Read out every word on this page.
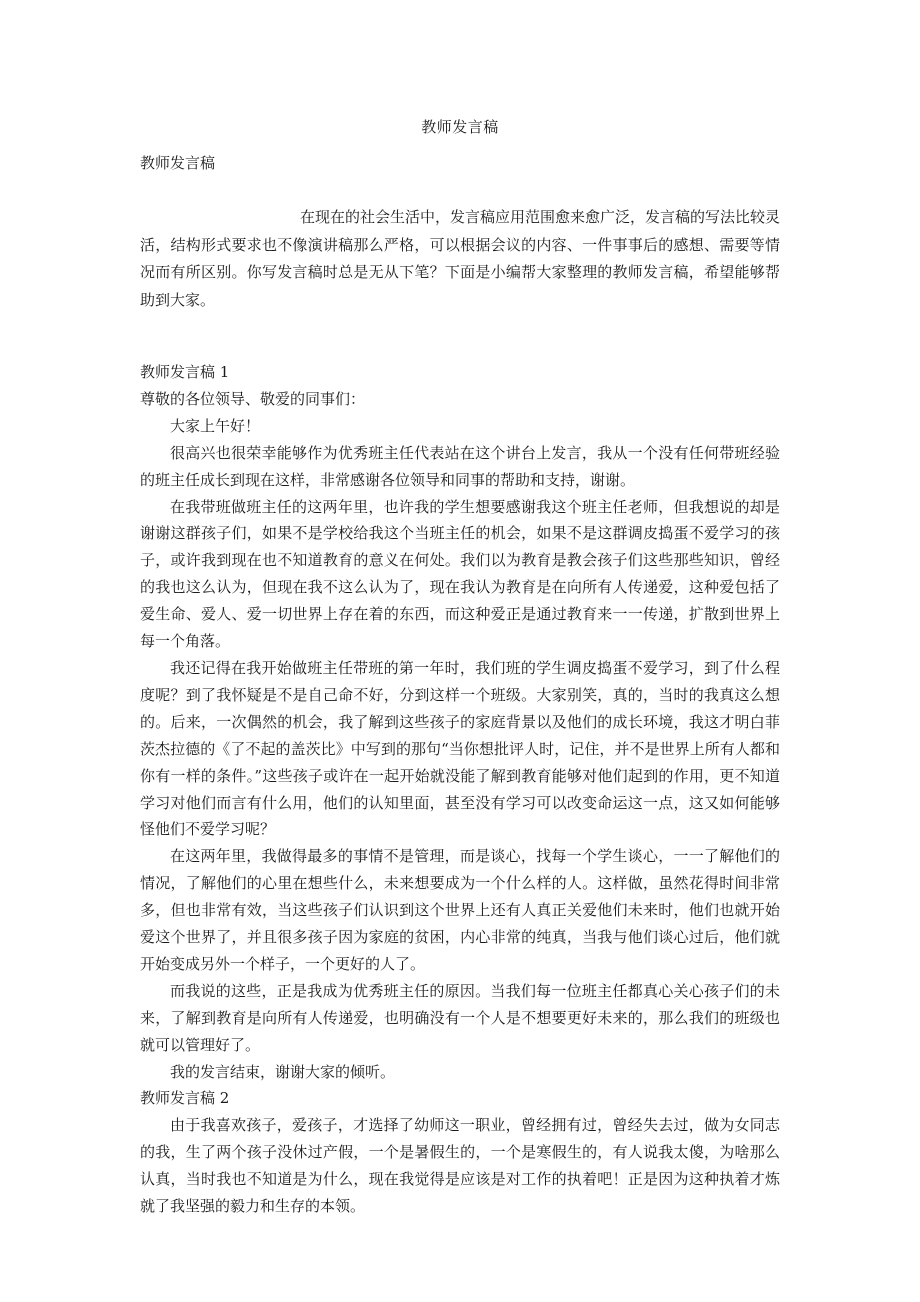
教师发言稿
教师发言稿

在现在的社会生活中，发言稿应用范围愈来愈广泛，发言稿的写法比较灵活，结构形式要求也不像演讲稿那么严格，可以根据会议的内容、一件事事后的感想、需要等情况而有所区别。你写发言稿时总是无从下笔？下面是小编帮大家整理的教师发言稿，希望能够帮助到大家。

教师发言稿 1

尊敬的各位领导、敬爱的同事们：

大家上午好！

很高兴也很荣幸能够作为优秀班主任代表站在这个讲台上发言，我从一个没有任何带班经验的班主任成长到现在这样，非常感谢各位领导和同事的帮助和支持，谢谢。

在我带班做班主任的这两年里，也许我的学生想要感谢我这个班主任老师，但我想说的却是谢谢这群孩子们，如果不是学校给我这个当班主任的机会，如果不是这群调皮捣蛋不爱学习的孩子，或许我到现在也不知道教育的意义在何处。我们以为教育是教会孩子们这些那些知识，曾经的我也这么认为，但现在我不这么认为了，现在我认为教育是在向所有人传递爱，这种爱包括了爱生命、爱人、爱一切世界上存在着的东西，而这种爱正是通过教育来一一传递，扩散到世界上每一个角落。

我还记得在我开始做班主任带班的第一年时，我们班的学生调皮捣蛋不爱学习，到了什么程度呢？到了我怀疑是不是自己命不好，分到这样一个班级。大家别笑，真的，当时的我真这么想的。后来，一次偶然的机会，我了解到这些孩子的家庭背景以及他们的成长环境，我这才明白菲茨杰拉德的《了不起的盖茨比》中写到的那句“当你想批评人时，记住，并不是世界上所有人都和你有一样的条件。”这些孩子或许在一起开始就没能了解到教育能够对他们起到的作用，更不知道学习对他们而言有什么用，他们的认知里面，甚至没有学习可以改变命运这一点，这又如何能够怪他们不爱学习呢？

在这两年里，我做得最多的事情不是管理，而是谈心，找每一个学生谈心，一一了解他们的情况，了解他们的心里在想些什么，未来想要成为一个什么样的人。这样做，虽然花得时间非常多，但也非常有效，当这些孩子们认识到这个世界上还有人真正关爱他们未来时，他们也就开始爱这个世界了，并且很多孩子因为家庭的贫困，内心非常的纯真，当我与他们谈心过后，他们就开始变成另外一个样子，一个更好的人了。

而我说的这些，正是我成为优秀班主任的原因。当我们每一位班主任都真心关心孩子们的未来，了解到教育是向所有人传递爱，也明确没有一个人是不想要更好未来的，那么我们的班级也就可以管理好了。

我的发言结束，谢谢大家的倾听。

教师发言稿 2

由于我喜欢孩子，爱孩子，才选择了幼师这一职业，曾经拥有过，曾经失去过，做为女同志的我，生了两个孩子没休过产假，一个是暑假生的，一个是寒假生的，有人说我太傻，为啥那么认真，当时我也不知道是为什么，现在我觉得是应该是对工作的执着吧！正是因为这种执着才炼就了我坚强的毅力和生存的本领。
